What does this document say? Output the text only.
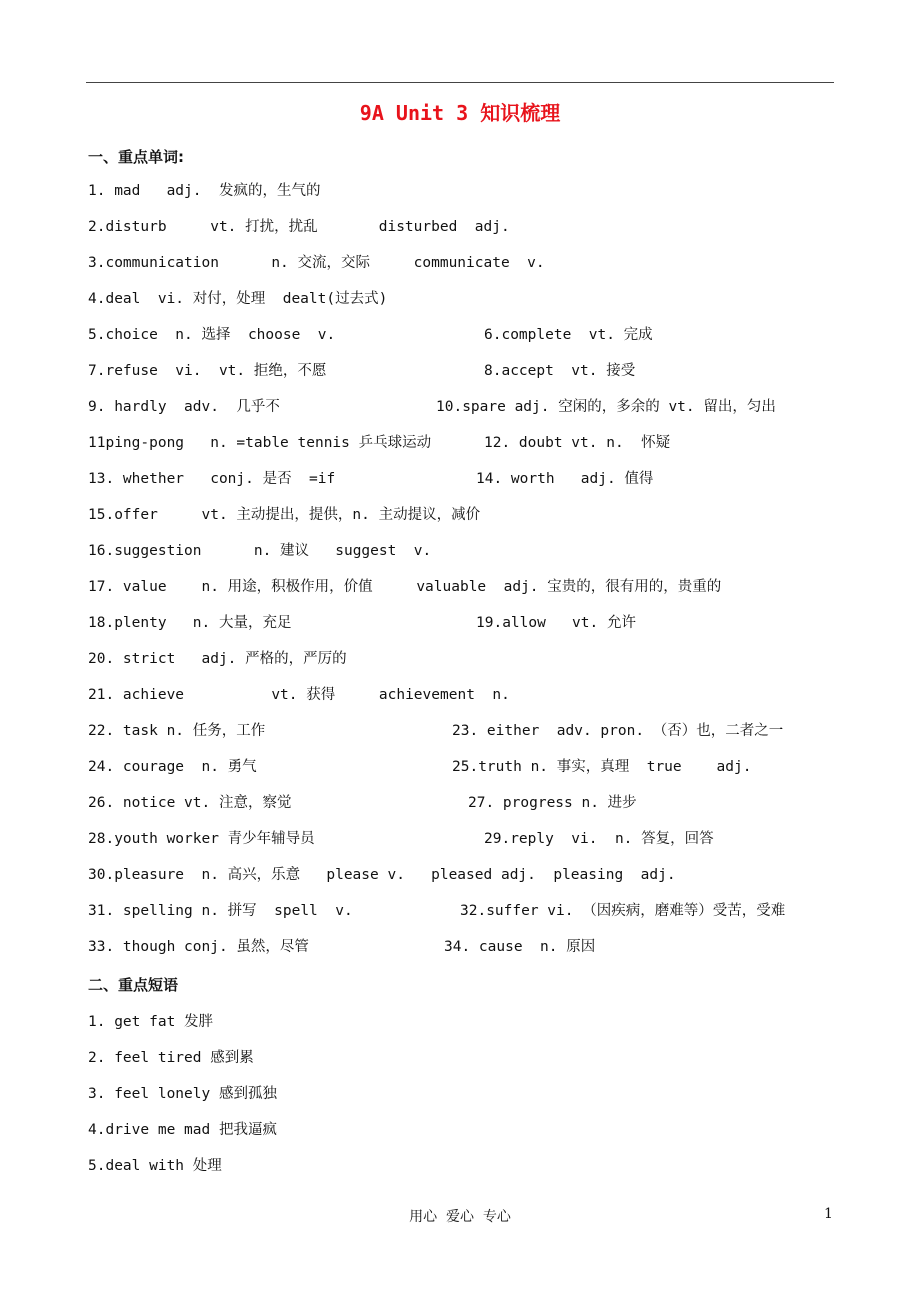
9A Unit 3 知识梳理
一、重点单词:
1. mad   adj.  发疯的，生气的
2.disturb     vt. 打扰，扰乱       disturbed  adj.
3.communication      n. 交流，交际     communicate  v.
4.deal  vi. 对付，处理  dealt(过去式)
5.choice  n. 选择  choose  v.	6.complete  vt. 完成
7.refuse  vi.  vt. 拒绝，不愿	8.accept  vt. 接受
9. hardly  adv.  几乎不	10.spare adj. 空闲的，多余的 vt. 留出，匀出
11ping-pong   n. =table tennis 乒乓球运动	12. doubt vt. n.  怀疑
13. whether   conj. 是否  =if	14. worth   adj. 值得
15.offer     vt. 主动提出，提供，n. 主动提议，减价
16.suggestion      n. 建议   suggest  v.
17. value    n. 用途，积极作用，价值     valuable  adj. 宝贵的，很有用的，贵重的
18.plenty   n. 大量，充足	19.allow   vt. 允许
20. strict   adj. 严格的，严厉的
21. achieve          vt. 获得     achievement  n.
22. task n. 任务，工作	23. either  adv. pron. （否）也，二者之一
24. courage  n. 勇气	25.truth n. 事实，真理  true    adj.
26. notice vt. 注意，察觉	27. progress n. 进步
28.youth worker 青少年辅导员	29.reply  vi.  n. 答复，回答
30.pleasure  n. 高兴，乐意   please v.   pleased adj.  pleasing  adj.
31. spelling n. 拼写  spell  v.	32.suffer vi. （因疾病，磨难等）受苦，受难
33. though conj. 虽然，尽管	34. cause  n. 原因
二、重点短语
1. get fat 发胖
2. feel tired 感到累
3. feel lonely 感到孤独
4.drive me mad 把我逼疯
5.deal with 处理
用心  爱心  专心	1
